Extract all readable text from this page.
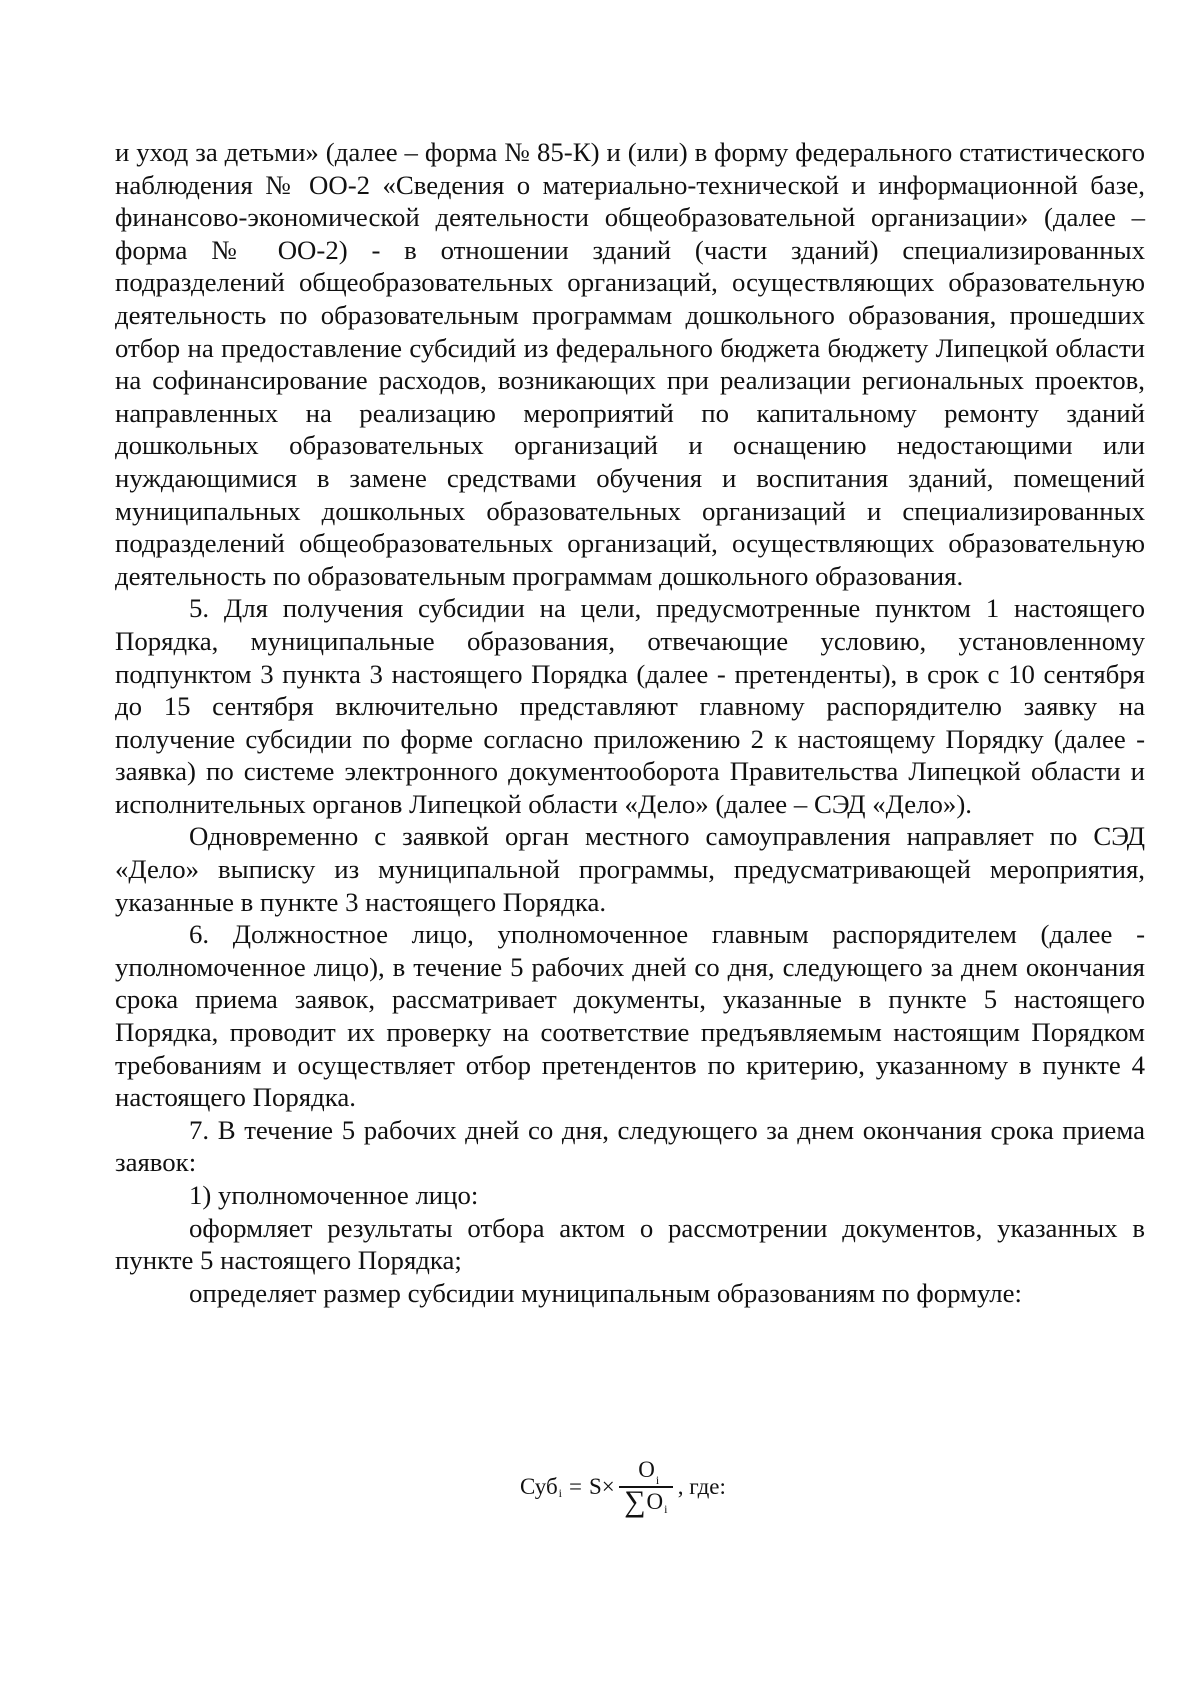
и уход за детьми» (далее – форма № 85-К) и (или) в форму федерального статистического наблюдения № ОО-2 «Сведения о материально-технической и информационной базе, финансово-экономической деятельности общеобразовательной организации» (далее – форма № ОО-2) - в отношении зданий (части зданий) специализированных подразделений общеобразовательных организаций, осуществляющих образовательную деятельность по образовательным программам дошкольного образования, прошедших отбор на предоставление субсидий из федерального бюджета бюджету Липецкой области на софинансирование расходов, возникающих при реализации региональных проектов, направленных на реализацию мероприятий по капитальному ремонту зданий дошкольных образовательных организаций и оснащению недостающими или нуждающимися в замене средствами обучения и воспитания зданий, помещений муниципальных дошкольных образовательных организаций и специализированных подразделений общеобразовательных организаций, осуществляющих образовательную деятельность по образовательным программам дошкольного образования.

5. Для получения субсидии на цели, предусмотренные пунктом 1 настоящего Порядка, муниципальные образования, отвечающие условию, установленному подпунктом 3 пункта 3 настоящего Порядка (далее - претенденты), в срок с 10 сентября до 15 сентября включительно представляют главному распорядителю заявку на получение субсидии по форме согласно приложению 2 к настоящему Порядку (далее - заявка) по системе электронного документооборота Правительства Липецкой области и исполнительных органов Липецкой области «Дело» (далее – СЭД «Дело»).

Одновременно с заявкой орган местного самоуправления направляет по СЭД «Дело» выписку из муниципальной программы, предусматривающей мероприятия, указанные в пункте 3 настоящего Порядка.

6. Должностное лицо, уполномоченное главным распорядителем (далее - уполномоченное лицо), в течение 5 рабочих дней со дня, следующего за днем окончания срока приема заявок, рассматривает документы, указанные в пункте 5 настоящего Порядка, проводит их проверку на соответствие предъявляемым настоящим Порядком требованиям и осуществляет отбор претендентов по критерию, указанному в пункте 4 настоящего Порядка.

7. В течение 5 рабочих дней со дня, следующего за днем окончания срока приема заявок:

1) уполномоченное лицо:

оформляет результаты отбора актом о рассмотрении документов, указанных в пункте 5 настоящего Порядка;

определяет размер субсидии муниципальным образованиям по формуле:

Суб $i = S \times \frac{O_i}{\text{∑ O i}}$ , где:
